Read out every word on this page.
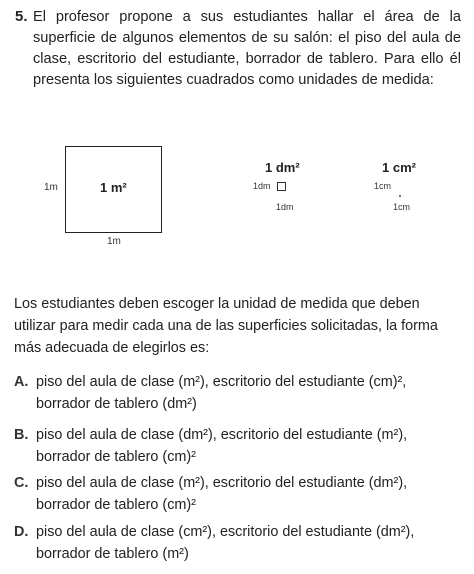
5. El profesor propone a sus estudiantes hallar el área de la superficie de algunos elementos de su salón: el piso del aula de clase, escritorio del estudiante, borrador de tablero. Para ello él presenta los siguientes cuadrados como unidades de medida:
1 m²
1m
1m
1 dm²
1dm
1dm
1 cm²
1cm
1cm
Los estudiantes deben escoger la unidad de medida que deben utilizar para medir cada una de las superficies solicitadas, la forma más adecuada de elegirlos es:
A. piso del aula de clase (m²), escritorio del estudiante (cm)²,
borrador de tablero (dm²)
B. piso del aula de clase (dm²), escritorio del estudiante (m²),
borrador de tablero (cm)²
C. piso del aula de clase (m²), escritorio del estudiante (dm²),
borrador de tablero (cm)²
D. piso del aula de clase (cm²), escritorio del estudiante (dm²),
borrador de tablero (m²)
